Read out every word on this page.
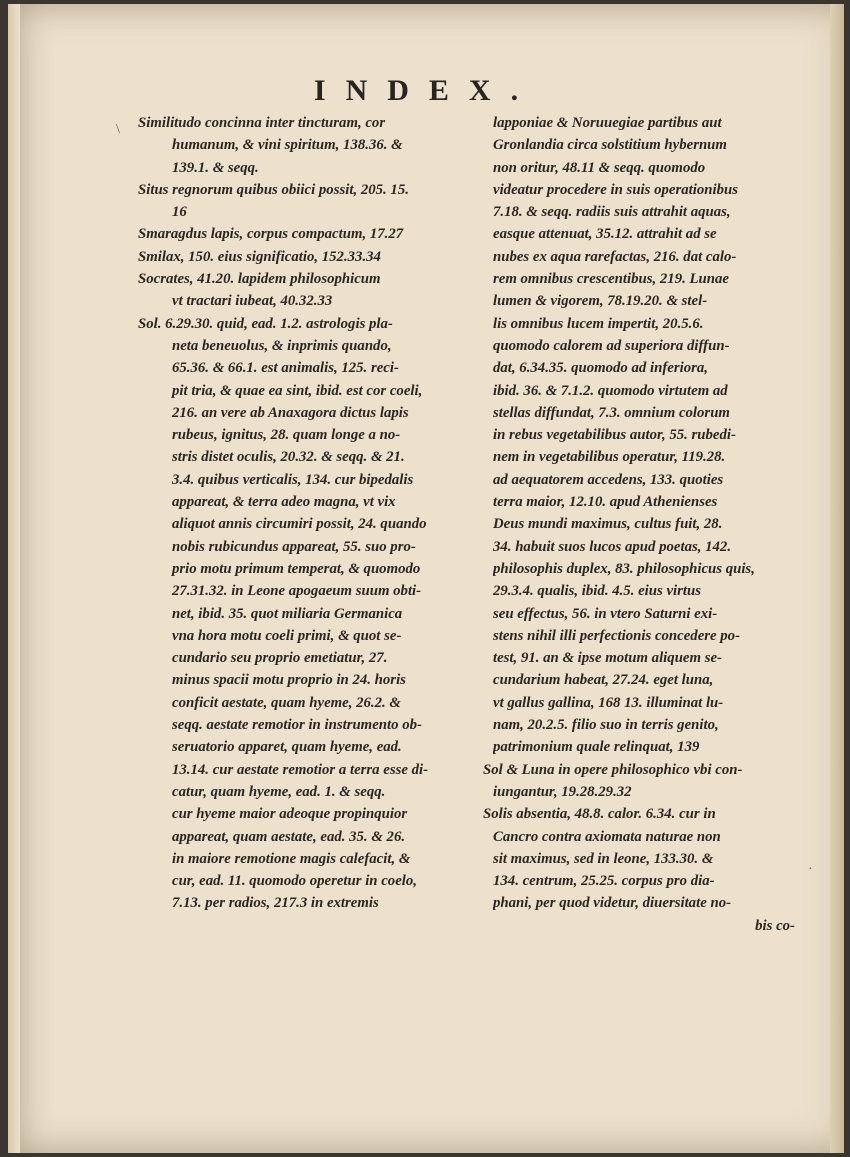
INDEX.
Similitudo concinna inter tincturam, cor
humanum, & vini spiritum, 138.36. &
139.1. & seqq.
Situs regnorum quibus obiici possit, 205. 15.
16
Smaragdus lapis, corpus compactum, 17.27
Smilax, 150. eius significatio, 152.33.34
Socrates, 41.20. lapidem philosophicum
vt tractari iubeat, 40.32.33
Sol. 6.29.30. quid, ead. 1.2. astrologis pla-
neta beneuolus, & inprimis quando,
65.36. & 66.1. est animalis, 125. reci-
pit tria, & quae ea sint, ibid. est cor coeli,
216. an vere ab Anaxagora dictus lapis
rubeus, ignitus, 28. quam longe a no-
stris distet oculis, 20.32. & seqq. & 21.
3.4. quibus verticalis, 134. cur bipedalis
appareat, & terra adeo magna, vt vix
aliquot annis circumiri possit, 24. quando
nobis rubicundus appareat, 55. suo pro-
prio motu primum temperat, & quomodo
27.31.32. in Leone apogaeum suum obti-
net, ibid. 35. quot miliaria Germanica
vna hora motu coeli primi, & quot se-
cundario seu proprio emetiatur, 27.
minus spacii motu proprio in 24. horis
conficit aestate, quam hyeme, 26.2. &
seqq. aestate remotior in instrumento ob-
seruatorio apparet, quam hyeme, ead.
13.14. cur aestate remotior a terra esse di-
catur, quam hyeme, ead. 1. & seqq.
cur hyeme maior adeoque propinquior
appareat, quam aestate, ead. 35. & 26.
in maiore remotione magis calefacit, &
cur, ead. 11. quomodo operetur in coelo,
7.13. per radios, 217.3 in extremis
lapponiae & Noruuegiae partibus aut
Gronlandia circa solstitium hybernum
non oritur, 48.11 & seqq. quomodo
videatur procedere in suis operationibus
7.18. & seqq. radiis suis attrahit aquas,
easque attenuat, 35.12. attrahit ad se
nubes ex aqua rarefactas, 216. dat calo-
rem omnibus crescentibus, 219. Lunae
lumen & vigorem, 78.19.20. & stel-
lis omnibus lucem impertit, 20.5.6.
quomodo calorem ad superiora diffun-
dat, 6.34.35. quomodo ad inferiora,
ibid. 36. & 7.1.2. quomodo virtutem ad
stellas diffundat, 7.3. omnium colorum
in rebus vegetabilibus autor, 55. rubedi-
nem in vegetabilibus operatur, 119.28.
ad aequatorem accedens, 133. quoties
terra maior, 12.10. apud Athenienses
Deus mundi maximus, cultus fuit, 28.
34. habuit suos lucos apud poetas, 142.
philosophis duplex, 83. philosophicus quis,
29.3.4. qualis, ibid. 4.5. eius virtus
seu effectus, 56. in vtero Saturni exi-
stens nihil illi perfectionis concedere po-
test, 91. an & ipse motum aliquem se-
cundarium habeat, 27.24. eget luna,
vt gallus gallina, 168 13. illuminat lu-
nam, 20.2.5. filio suo in terris genito,
patrimonium quale relinquat, 139
Sol & Luna in opere philosophico vbi con-
iungantur, 19.28.29.32
Solis absentia, 48.8. calor. 6.34. cur in
Cancro contra axiomata naturae non
sit maximus, sed in leone, 133.30. &
134. centrum, 25.25. corpus pro dia-
phani, per quod videtur, diuersitate no-
bis co-
\
·
